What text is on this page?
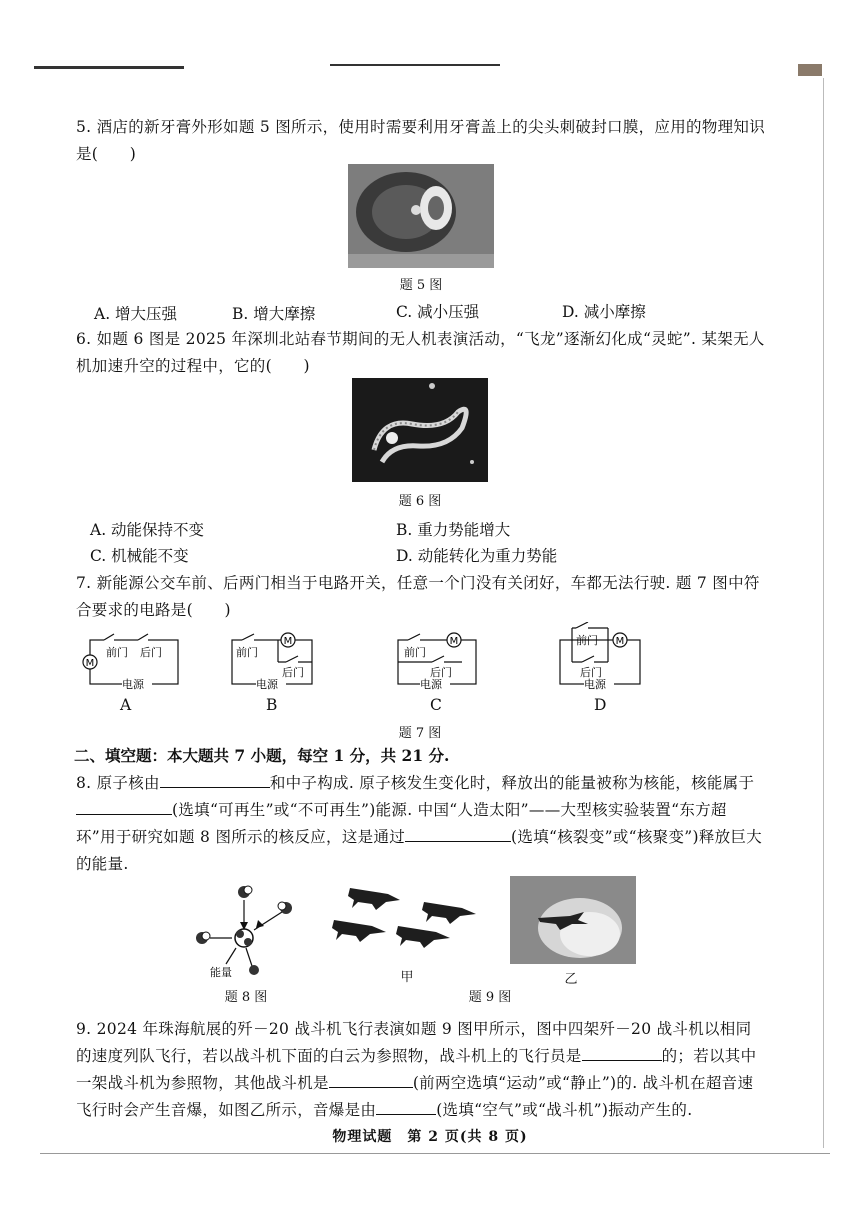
5. 酒店的新牙膏外形如题 5 图所示，使用时需要利用牙膏盖上的尖头刺破封口膜，应用的物理知识是(　　)
题 5 图
A. 增大压强	B. 增大摩擦	C. 减小压强	D. 减小摩擦
6. 如题 6 图是 2025 年深圳北站春节期间的无人机表演活动，“飞龙”逐渐幻化成“灵蛇”. 某架无人机加速升空的过程中，它的(　　)
题 6 图
A. 动能保持不变	B. 重力势能增大
C. 机械能不变	D. 动能转化为重力势能
7. 新能源公交车前、后两门相当于电路开关，任意一个门没有关闭好，车都无法行驶. 题 7 图中符合要求的电路是(　　)
M
前门 后门
电源
A
M
前门
后门
电源
B
M
前门
后门
电源
C
M
前门
后门
电源
D
题 7 图
二、填空题：本大题共 7 小题，每空 1 分，共 21 分.
8. 原子核由	和中子构成. 原子核发生变化时，释放出的能量被称为核能，核能属于(选填“可再生”或“不可再生”)能源. 中国“人造太阳”——大型核实验装置“东方超环”用于研究如题 8 图所示的核反应，这是通过	(选填“核裂变”或“核聚变”)释放巨大的能量.
能量
题 8 图
甲	乙
题 9 图
9. 2024 年珠海航展的歼－20 战斗机飞行表演如题 9 图甲所示，图中四架歼－20 战斗机以相同的速度列队飞行，若以战斗机下面的白云为参照物，战斗机上的飞行员是	的；若以其中一架战斗机为参照物，其他战斗机是	(前两空选填“运动”或“静止”)的. 战斗机在超音速飞行时会产生音爆，如图乙所示，音爆是由	(选填“空气”或“战斗机”)振动产生的.
物理试题　第 2 页(共 8 页)
